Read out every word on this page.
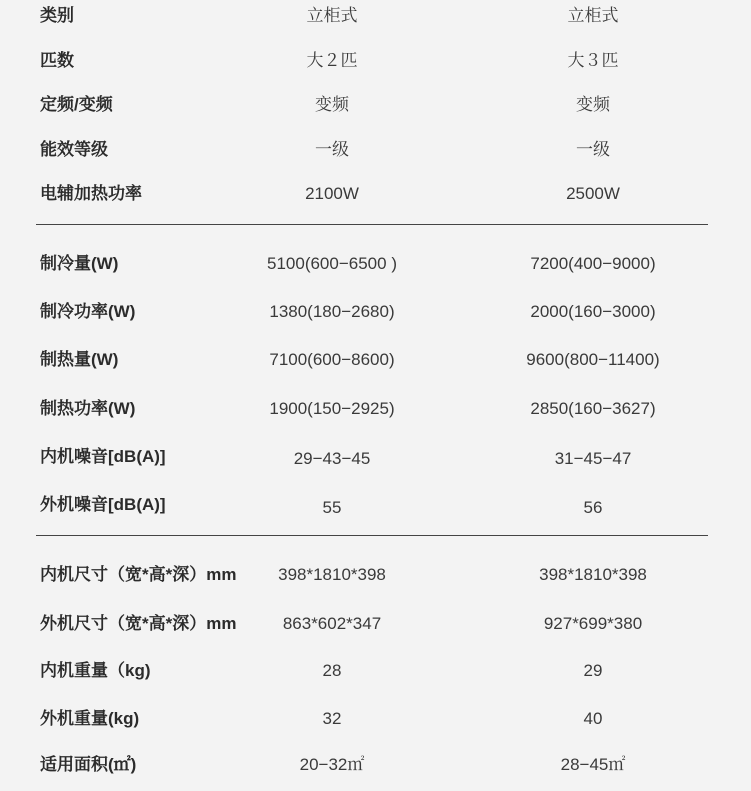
类别	立柜式	立柜式
匹数	大２匹	大３匹
定频/变频	变频	变频
能效等级	一级	一级
电辅加热功率	2100W	2500W
制冷量(W)	5100(600−6500 )	7200(400−9000)
制冷功率(W)	1380(180−2680)	2000(160−3000)
制热量(W)	7100(600−8600)	9600(800−11400)
制热功率(W)	1900(150−2925)	2850(160−3627)
内机噪音[dB(A)]	29−43−45	31−45−47
外机噪音[dB(A)]	55	56
内机尺寸（宽*高*深）mm	398*1810*398	398*1810*398
外机尺寸（宽*高*深）mm	863*602*347	927*699*380
内机重量（kg)	28	29
外机重量(kg)	32	40
适用面积(㎡)	20−32㎡	28−45㎡
